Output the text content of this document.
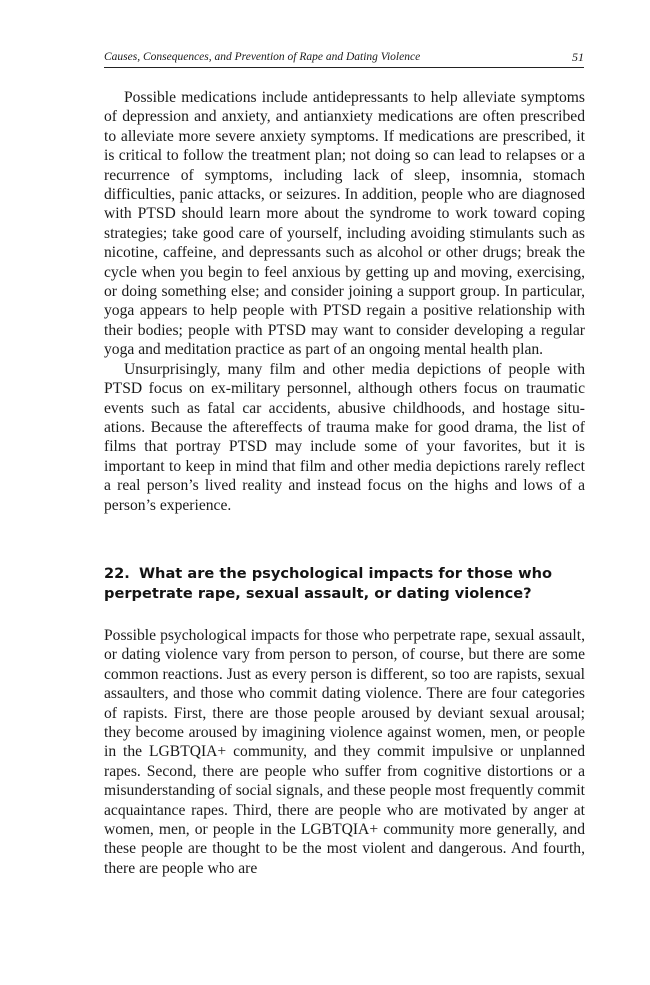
Causes, Consequences, and Prevention of Rape and Dating Violence	51

Possible medications include antidepressants to help alleviate symptoms of depression and anxiety, and antianxiety medications are often prescribed to alleviate more severe anxiety symptoms. If medications are prescribed, it is critical to follow the treatment plan; not doing so can lead to relapses or a recurrence of symptoms, including lack of sleep, insomnia, stomach difficulties, panic attacks, or seizures. In addition, people who are diagnosed with PTSD should learn more about the syndrome to work toward coping strategies; take good care of yourself, including avoiding stimulants such as nicotine, caffeine, and depressants such as alcohol or other drugs; break the cycle when you begin to feel anxious by getting up and moving, exercising, or doing something else; and consider joining a support group. In particular, yoga appears to help people with PTSD regain a positive relationship with their bodies; people with PTSD may want to consider developing a regular yoga and meditation practice as part of an ongoing mental health plan.

Unsurprisingly, many film and other media depictions of people with PTSD focus on ex-military personnel, although others focus on traumatic events such as fatal car accidents, abusive childhoods, and hostage situations. Because the aftereffects of trauma make for good drama, the list of films that portray PTSD may include some of your favorites, but it is important to keep in mind that film and other media depictions rarely reflect a real person’s lived reality and instead focus on the highs and lows of a person’s experience.

22. What are the psychological impacts for those who perpetrate rape, sexual assault, or dating violence?

Possible psychological impacts for those who perpetrate rape, sexual assault, or dating violence vary from person to person, of course, but there are some common reactions. Just as every person is different, so too are rapists, sexual assaulters, and those who commit dating violence. There are four categories of rapists. First, there are those people aroused by deviant sexual arousal; they become aroused by imagining violence against women, men, or people in the LGBTQIA+ community, and they commit impulsive or unplanned rapes. Second, there are people who suffer from cognitive distortions or a misunderstanding of social signals, and these people most frequently commit acquaintance rapes. Third, there are people who are motivated by anger at women, men, or people in the LGBTQIA+ community more generally, and these people are thought to be the most violent and dangerous. And fourth, there are people who are
